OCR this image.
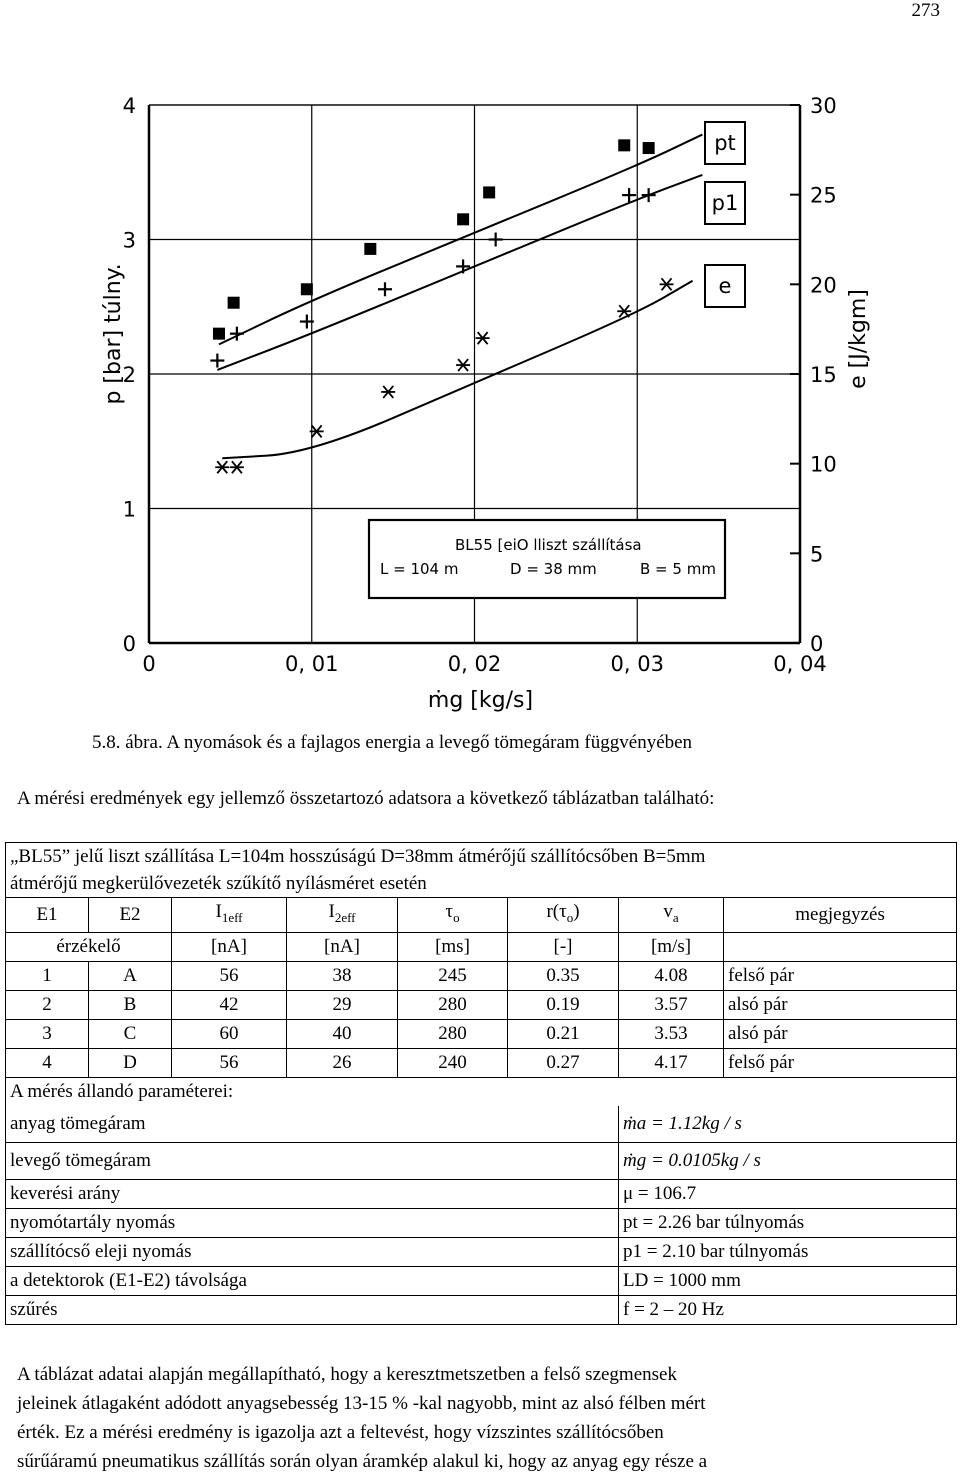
273
0
1
2
3
4
0
5
10
15
20
25
30
0	0, 01	0, 02	0, 03	0, 04
ṁg [kg/s]
p [bar] túlny.	e [J/kgm]
pt
p1
e
BL55 [eiO lliszt szállítása
L = 104 m	D = 38 mm	B = 5 mm
5.8. ábra. A nyomások és a fajlagos energia a levegő tömegáram függvényében
A mérési eredmények egy jellemző összetartozó adatsora a következő táblázatban található:
„BL55” jelű liszt szállítása L=104m hosszúságú D=38mm átmérőjű szállítócsőben B=5mm							
átmérőjű megkerülővezeték szűkítő nyílásméret esetén							
E1	E2	$I_{1eff}$	$I_{2eff}$	$\tau_o$	$r(\tau_o)$	$v_a$	megjegyzés
érzékelő		[nA]	[nA]	[ms]	[-]	[m/s]	
1	A	56	38	245	0.35	4.08	felső pár
2	B	42	29	280	0.19	3.57	alsó pár
3	C	60	40	280	0.21	3.53	alsó pár
4	D	56	26	240	0.27	4.17	felső pár
A mérés állandó paraméterei:							
anyag tömegáram						ṁa = 1.12kg / s	
levegő tömegáram						ṁg = 0.0105kg / s	
keverési arány						μ = 106.7	
nyomótartály nyomás						pt = 2.26 bar túlnyomás	
szállítócső eleji nyomás						p1 = 2.10 bar túlnyomás	
a detektorok (E1-E2) távolsága						LD = 1000 mm	
szűrés						f = 2 – 20 Hz	
A táblázat adatai alapján megállapítható, hogy a keresztmetszetben a felső szegmensek
jeleinek átlagaként adódott anyagsebesség 13-15 % -kal nagyobb, mint az alsó félben mért
érték. Ez a mérési eredmény is igazolja azt a feltevést, hogy vízszintes szállítócsőben
sűrűáramú pneumatikus szállítás során olyan áramkép alakul ki, hogy az anyag egy része a
